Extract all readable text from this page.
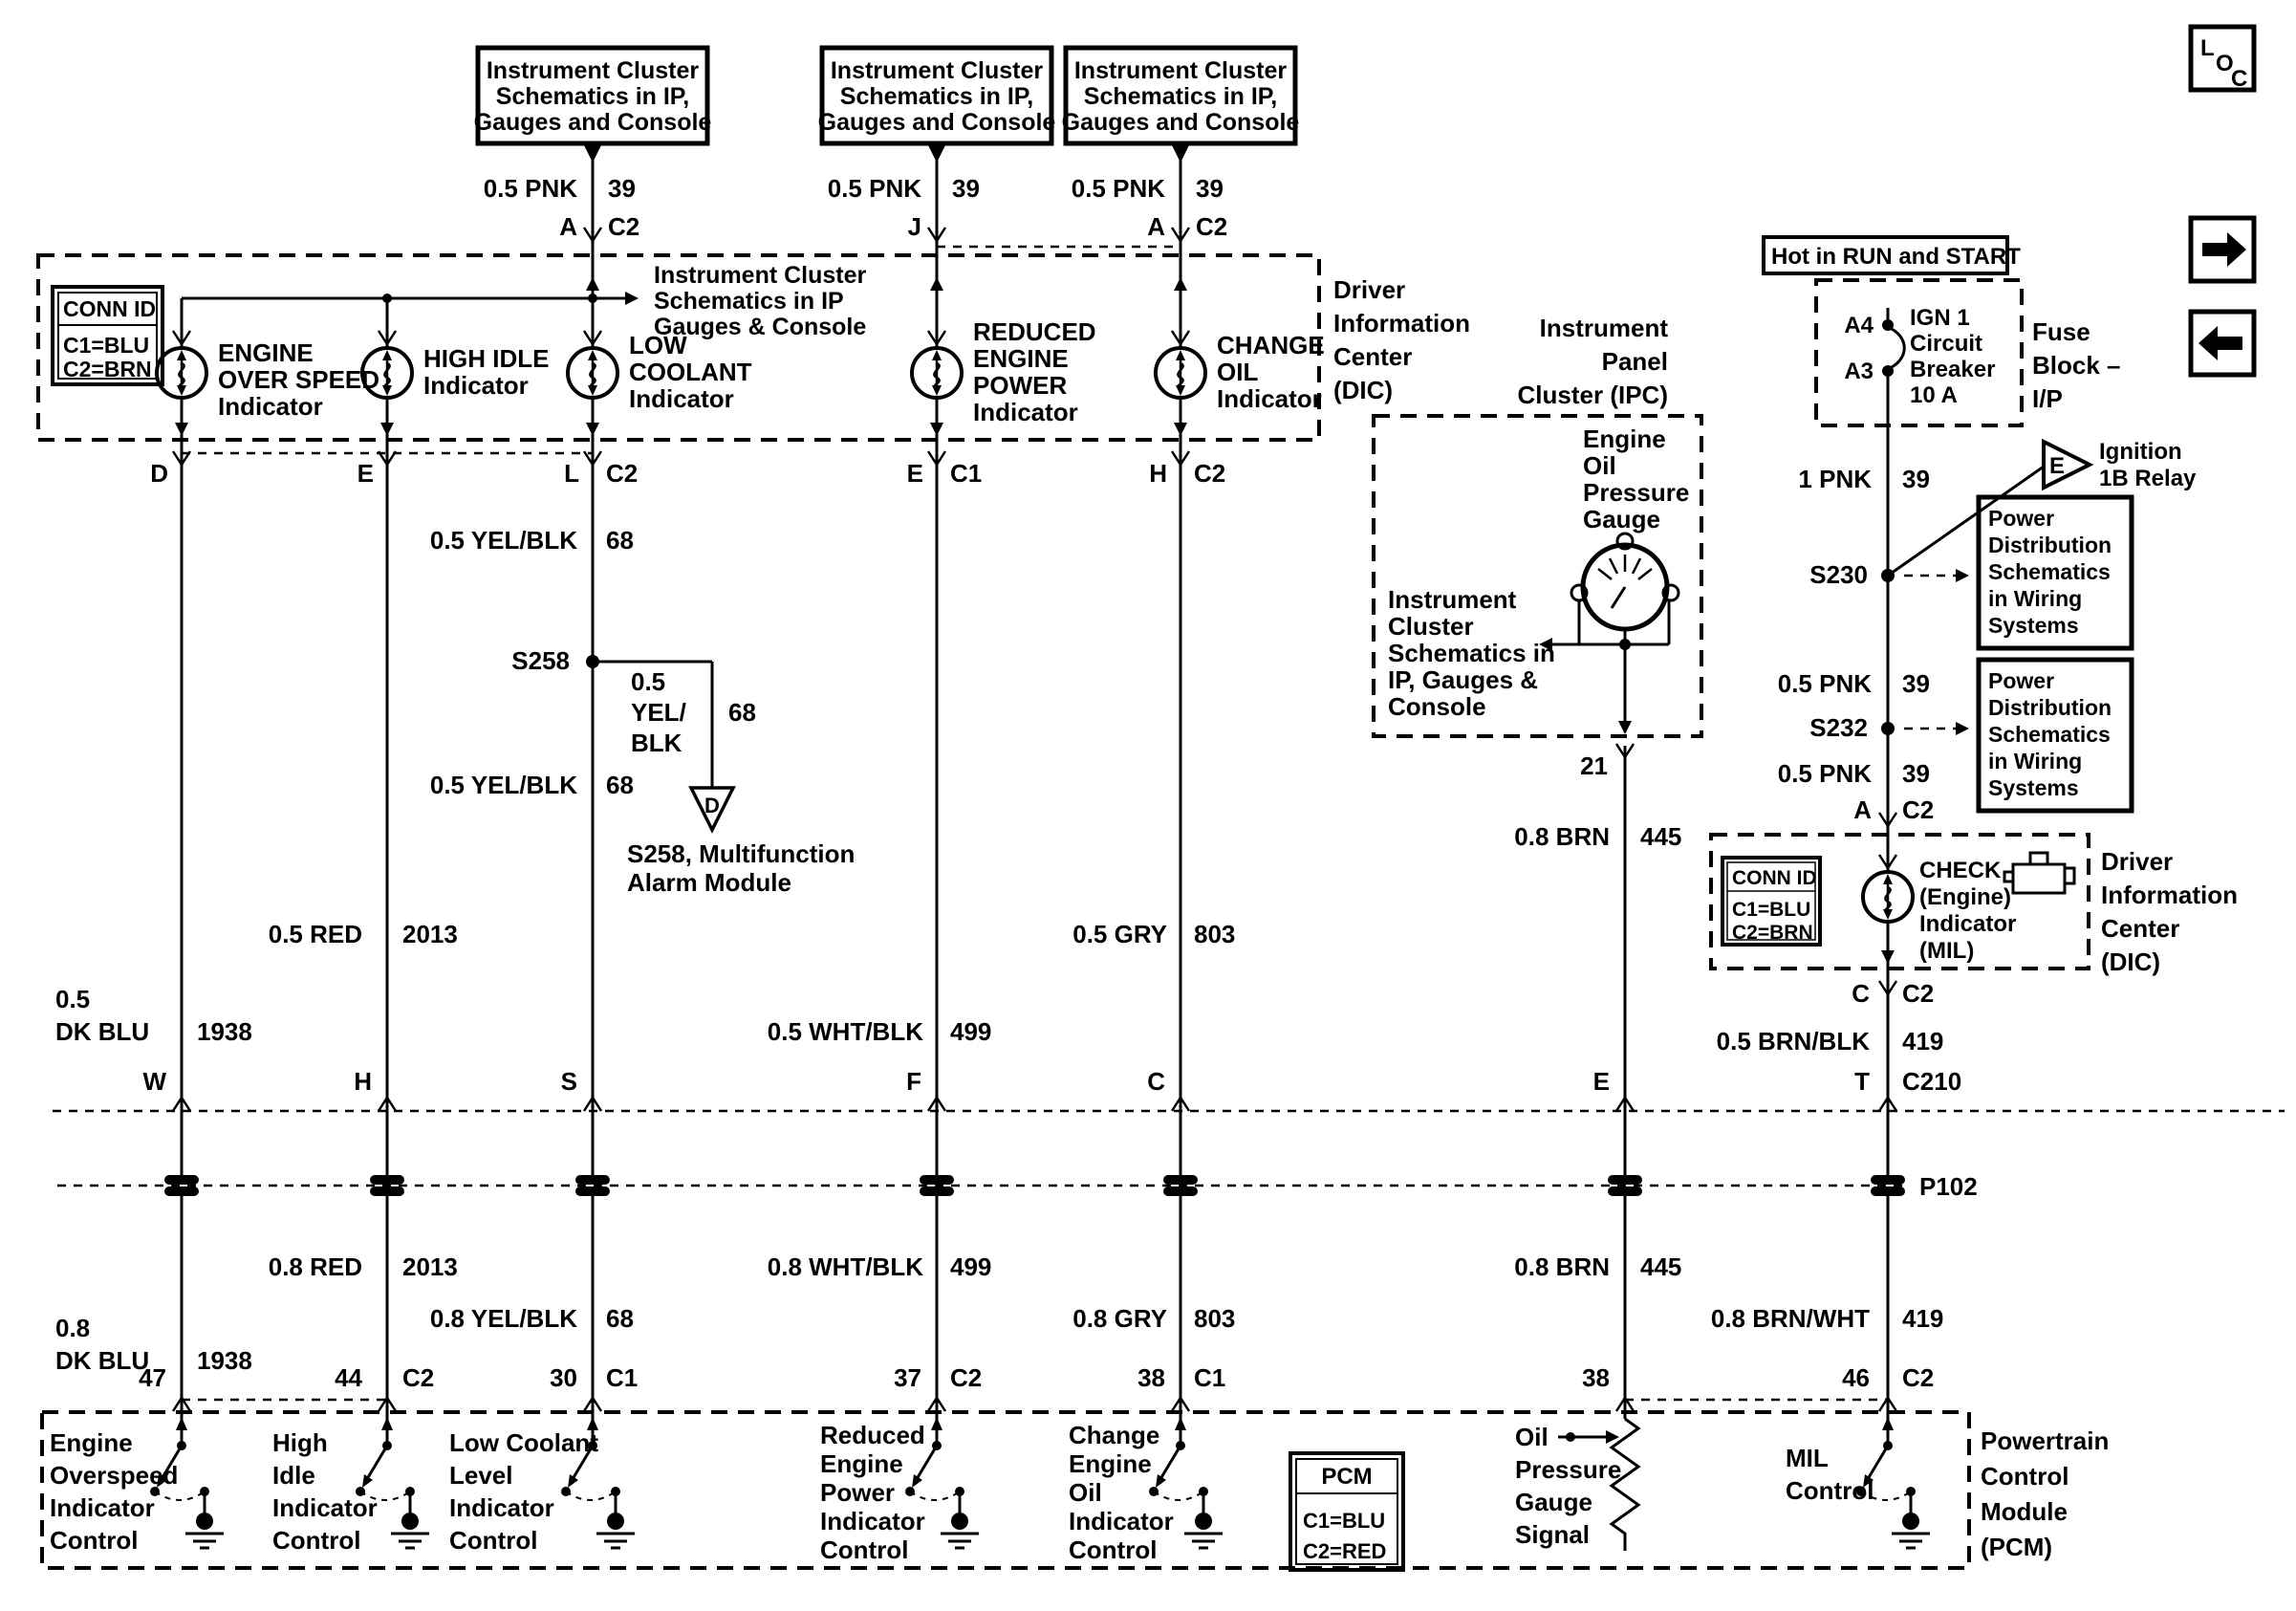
Instrument Cluster
Schematics in IP,
Gauges and Console
Instrument Cluster
Schematics in IP,
Gauges and Console
Instrument Cluster
Schematics in IP,
Gauges and Console
0.5 PNK 39
A C2
0.5 PNK 39
J
0.5 PNK 39
A C2
Instrument Cluster
Schematics in IP
Gauges & Console
CONN ID
C1=BLU
C2=BRN
ENGINE
OVER SPEED
Indicator
HIGH IDLE
Indicator
LOW
COOLANT
Indicator
REDUCED
ENGINE
POWER
Indicator
CHANGE
OIL
Indicator
Driver
Information
Center
(DIC)
D	E	L C2	E C1	H C2
0.5 YEL/BLK 68
S258
0.5
YEL/
BLK
68
D
S258, Multifunction
Alarm Module
0.5 YEL/BLK 68
0.5 RED 2013
0.5
DK BLU 1938	0.5 WHT/BLK 499
0.5 GRY 803
0.8 BRN 445
Instrument
Panel
Cluster (IPC)
Engine
Oil
Pressure
Gauge
Instrument
Cluster
Schematics in
IP, Gauges &
Console
21
Hot in RUN and START
A4
A3
IGN 1
Circuit
Breaker
10 A
Fuse
Block –
I/P
1 PNK 39	E
Ignition
1B Relay
S230
Power
Distribution
Schematics
in Wiring
Systems
0.5 PNK 39
S232
Power
Distribution
Schematics
in Wiring
Systems
0.5 PNK 39
A C2
CONN ID
C1=BLU
C2=BRN
CHECK
(Engine)
Indicator
(MIL)
Driver
Information
Center
(DIC)
C C2
0.5 BRN/BLK 419
W	H	S	F	C	E	T C210
P102
0.8 RED 2013
0.8
DK BLU 1938
0.8 YEL/BLK 68
0.8 WHT/BLK 499
0.8 GRY 803
0.8 BRN 445
0.8 BRN/WHT 419
47	44 C2	30 C1	37 C2	38 C1	38	46 C2
Engine
Overspeed
Indicator
Control
High
Idle
Indicator
Control
Low Coolant
Level
Indicator
Control
Reduced
Engine
Power
Indicator
Control
Change
Engine
Oil
Indicator
Control
PCM
C1=BLU
C2=RED
Oil
Pressure
Gauge
Signal
MIL
Control
Powertrain
Control
Module
(PCM)
L
O
C
